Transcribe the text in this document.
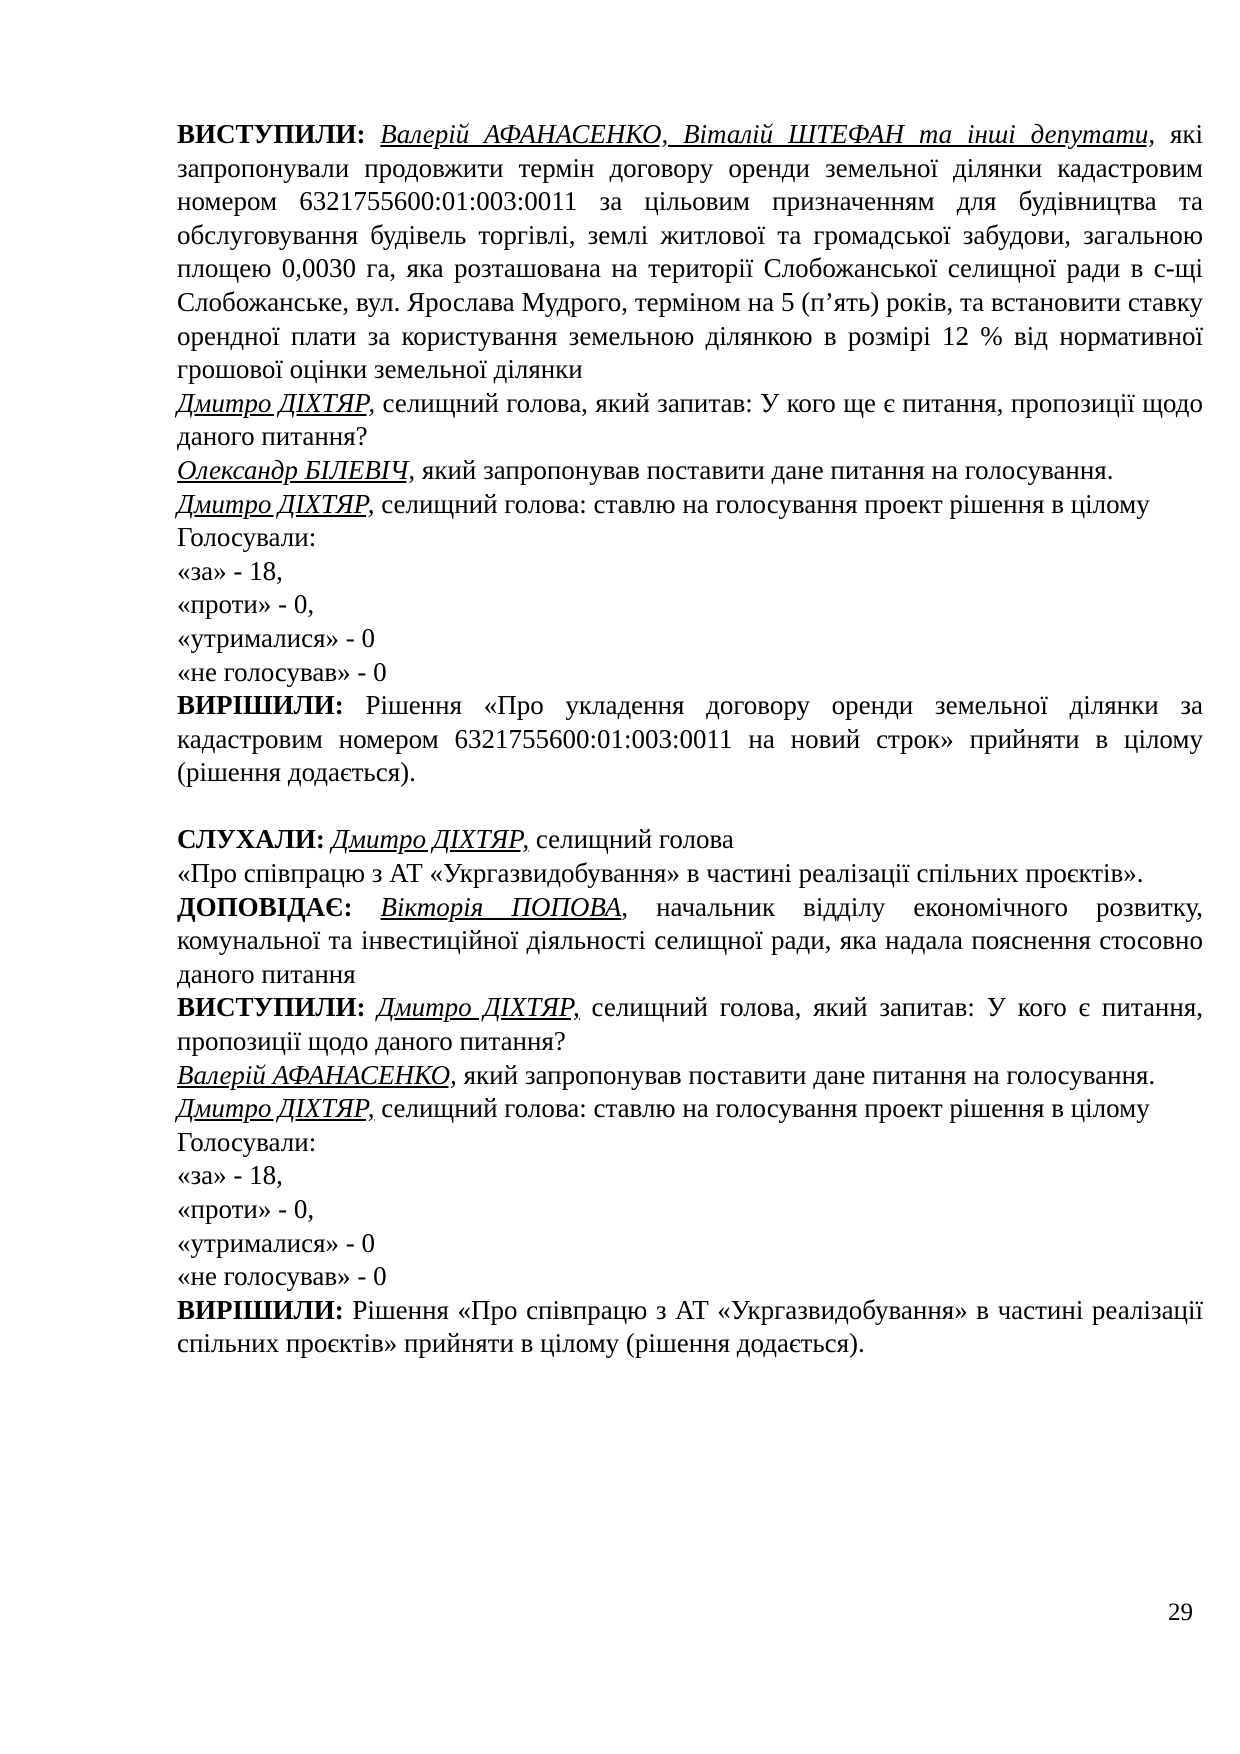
ВИСТУПИЛИ: Валерій АФАНАСЕНКО, Віталій ШТЕФАН та інші депутати, які запропонували продовжити термін договору оренди земельної ділянки кадастровим номером 6321755600:01:003:0011 за цільовим призначенням для будівництва та обслуговування будівель торгівлі, землі житлової та громадської забудови, загальною площею 0,0030 га, яка розташована на території Слобожанської селищної ради в с-щі Слобожанське, вул. Ярослава Мудрого, терміном на 5 (п’ять) років, та встановити ставку орендної плати за користування земельною ділянкою в розмірі 12 % від нормативної грошової оцінки земельної ділянки

Дмитро ДІХТЯР, селищний голова, який запитав: У кого ще є питання, пропозиції щодо даного питання?

Олександр БІЛЕВІЧ, який запропонував поставити дане питання на голосування.

Дмитро ДІХТЯР, селищний голова: ставлю на голосування проект рішення в цілому

Голосували:

«за» - 18,

«проти» - 0,

«утрималися» - 0

«не голосував» - 0

ВИРІШИЛИ: Рішення «Про укладення договору оренди земельної ділянки за кадастровим номером 6321755600:01:003:0011 на новий строк» прийняти в цілому (рішення додається).

СЛУХАЛИ: Дмитро ДІХТЯР, селищний голова

«Про співпрацю з АТ «Укргазвидобування» в частині реалізації спільних проєктів».

ДОПОВІДАЄ: Вікторія ПОПОВА, начальник відділу економічного розвитку, комунальної та інвестиційної діяльності селищної ради, яка надала пояснення стосовно даного питання

ВИСТУПИЛИ: Дмитро ДІХТЯР, селищний голова, який запитав: У кого є питання, пропозиції щодо даного питання?

Валерій АФАНАСЕНКО, який запропонував поставити дане питання на голосування.

Дмитро ДІХТЯР, селищний голова: ставлю на голосування проект рішення в цілому

Голосували:

«за» - 18,

«проти» - 0,

«утрималися» - 0

«не голосував» - 0

ВИРІШИЛИ: Рішення «Про співпрацю з АТ «Укргазвидобування» в частині реалізації спільних проєктів» прийняти в цілому (рішення додається).

29
